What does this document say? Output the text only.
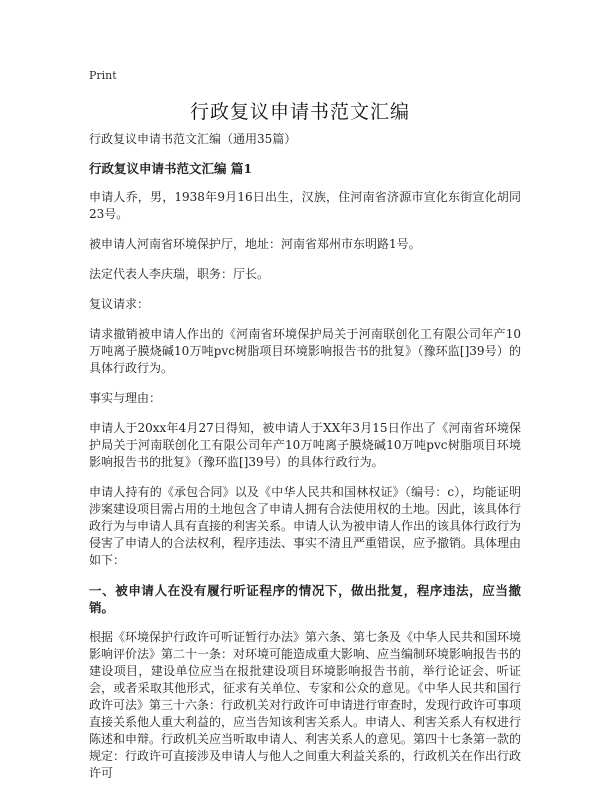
Print
行政复议申请书范文汇编

行政复议申请书范文汇编（通用35篇）

行政复议申请书范文汇编 篇1

申请人乔，男，1938年9月16日出生，汉族，住河南省济源市宣化东街宣化胡同23号。

被申请人河南省环境保护厅，地址：河南省郑州市东明路1号。

法定代表人李庆瑞，职务：厅长。

复议请求：

请求撤销被申请人作出的《河南省环境保护局关于河南联创化工有限公司年产10万吨离子膜烧碱10万吨pvc树脂项目环境影响报告书的批复》（豫环监[]39号）的具体行政行为。

事实与理由：

申请人于20xx年4月27日得知，被申请人于XX年3月15日作出了《河南省环境保护局关于河南联创化工有限公司年产10万吨离子膜烧碱10万吨pvc树脂项目环境影响报告书的批复》（豫环监[]39号）的具体行政行为。

申请人持有的《承包合同》以及《中华人民共和国林权证》（编号：c），均能证明涉案建设项目需占用的土地包含了申请人拥有合法使用权的土地。因此，该具体行政行为与申请人具有直接的利害关系。申请人认为被申请人作出的该具体行政行为侵害了申请人的合法权利，程序违法、事实不清且严重错误，应予撤销。具体理由如下：

一、被申请人在没有履行听证程序的情况下，做出批复，程序违法，应当撤销。

根据《环境保护行政许可听证暂行办法》第六条、第七条及《中华人民共和国环境影响评价法》第二十一条：对环境可能造成重大影响、应当编制环境影响报告书的建设项目，建设单位应当在报批建设项目环境影响报告书前，举行论证会、听证会，或者采取其他形式，征求有关单位、专家和公众的意见。《中华人民共和国行政许可法》第三十六条：行政机关对行政许可申请进行审查时，发现行政许可事项直接关系他人重大利益的，应当告知该利害关系人。申请人、利害关系人有权进行陈述和申辩。行政机关应当听取申请人、利害关系人的意见。第四十七条第一款的规定：行政许可直接涉及申请人与他人之间重大利益关系的，行政机关在作出行政许可
